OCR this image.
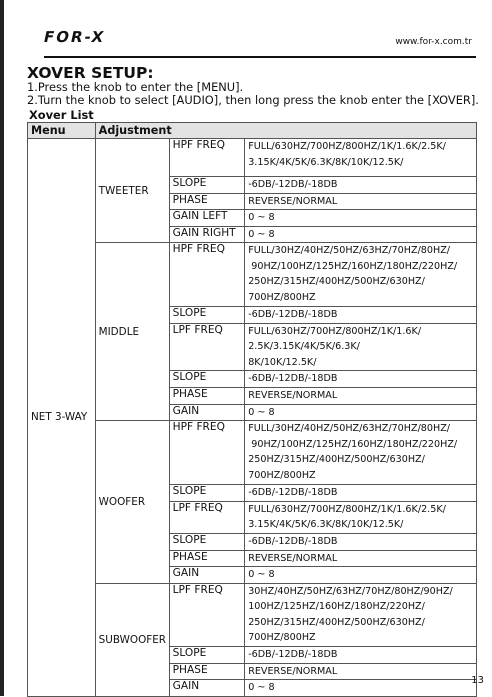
FOR-X	www.for-x.com.tr
XOVER SETUP:
1.Press the knob to enter the [MENU].
2.Turn the knob to select [AUDIO], then long press the knob enter the [XOVER].
Xover List
Menu	Adjustment		
NET 3-WAY	TWEETER	HPF FREQ	FULL/630HZ/700HZ/800HZ/1K/1.6K/2.5K/
3.15K/4K/5K/6.3K/8K/10K/12.5K/
		SLOPE	-6DB/-12DB/-18DB
		PHASE	REVERSE/NORMAL
		GAIN LEFT	0 ~ 8
		GAIN RIGHT	0 ~ 8
	MIDDLE	HPF FREQ	FULL/30HZ/40HZ/50HZ/63HZ/70HZ/80HZ/
90HZ/100HZ/125HZ/160HZ/180HZ/220HZ/
250HZ/315HZ/400HZ/500HZ/630HZ/
700HZ/800HZ
		SLOPE	-6DB/-12DB/-18DB
		LPF FREQ	FULL/630HZ/700HZ/800HZ/1K/1.6K/
2.5K/3.15K/4K/5K/6.3K/
8K/10K/12.5K/
		SLOPE	-6DB/-12DB/-18DB
		PHASE	REVERSE/NORMAL
		GAIN	0 ~ 8
	WOOFER	HPF FREQ	FULL/30HZ/40HZ/50HZ/63HZ/70HZ/80HZ/
90HZ/100HZ/125HZ/160HZ/180HZ/220HZ/
250HZ/315HZ/400HZ/500HZ/630HZ/
700HZ/800HZ
		SLOPE	-6DB/-12DB/-18DB
		LPF FREQ	FULL/630HZ/700HZ/800HZ/1K/1.6K/2.5K/
3.15K/4K/5K/6.3K/8K/10K/12.5K/
		SLOPE	-6DB/-12DB/-18DB
		PHASE	REVERSE/NORMAL
		GAIN	0 ~ 8
	SUBWOOFER	LPF FREQ	30HZ/40HZ/50HZ/63HZ/70HZ/80HZ/90HZ/
100HZ/125HZ/160HZ/180HZ/220HZ/
250HZ/315HZ/400HZ/500HZ/630HZ/
700HZ/800HZ
		SLOPE	-6DB/-12DB/-18DB
		PHASE	REVERSE/NORMAL
		GAIN	0 ~ 8
13
